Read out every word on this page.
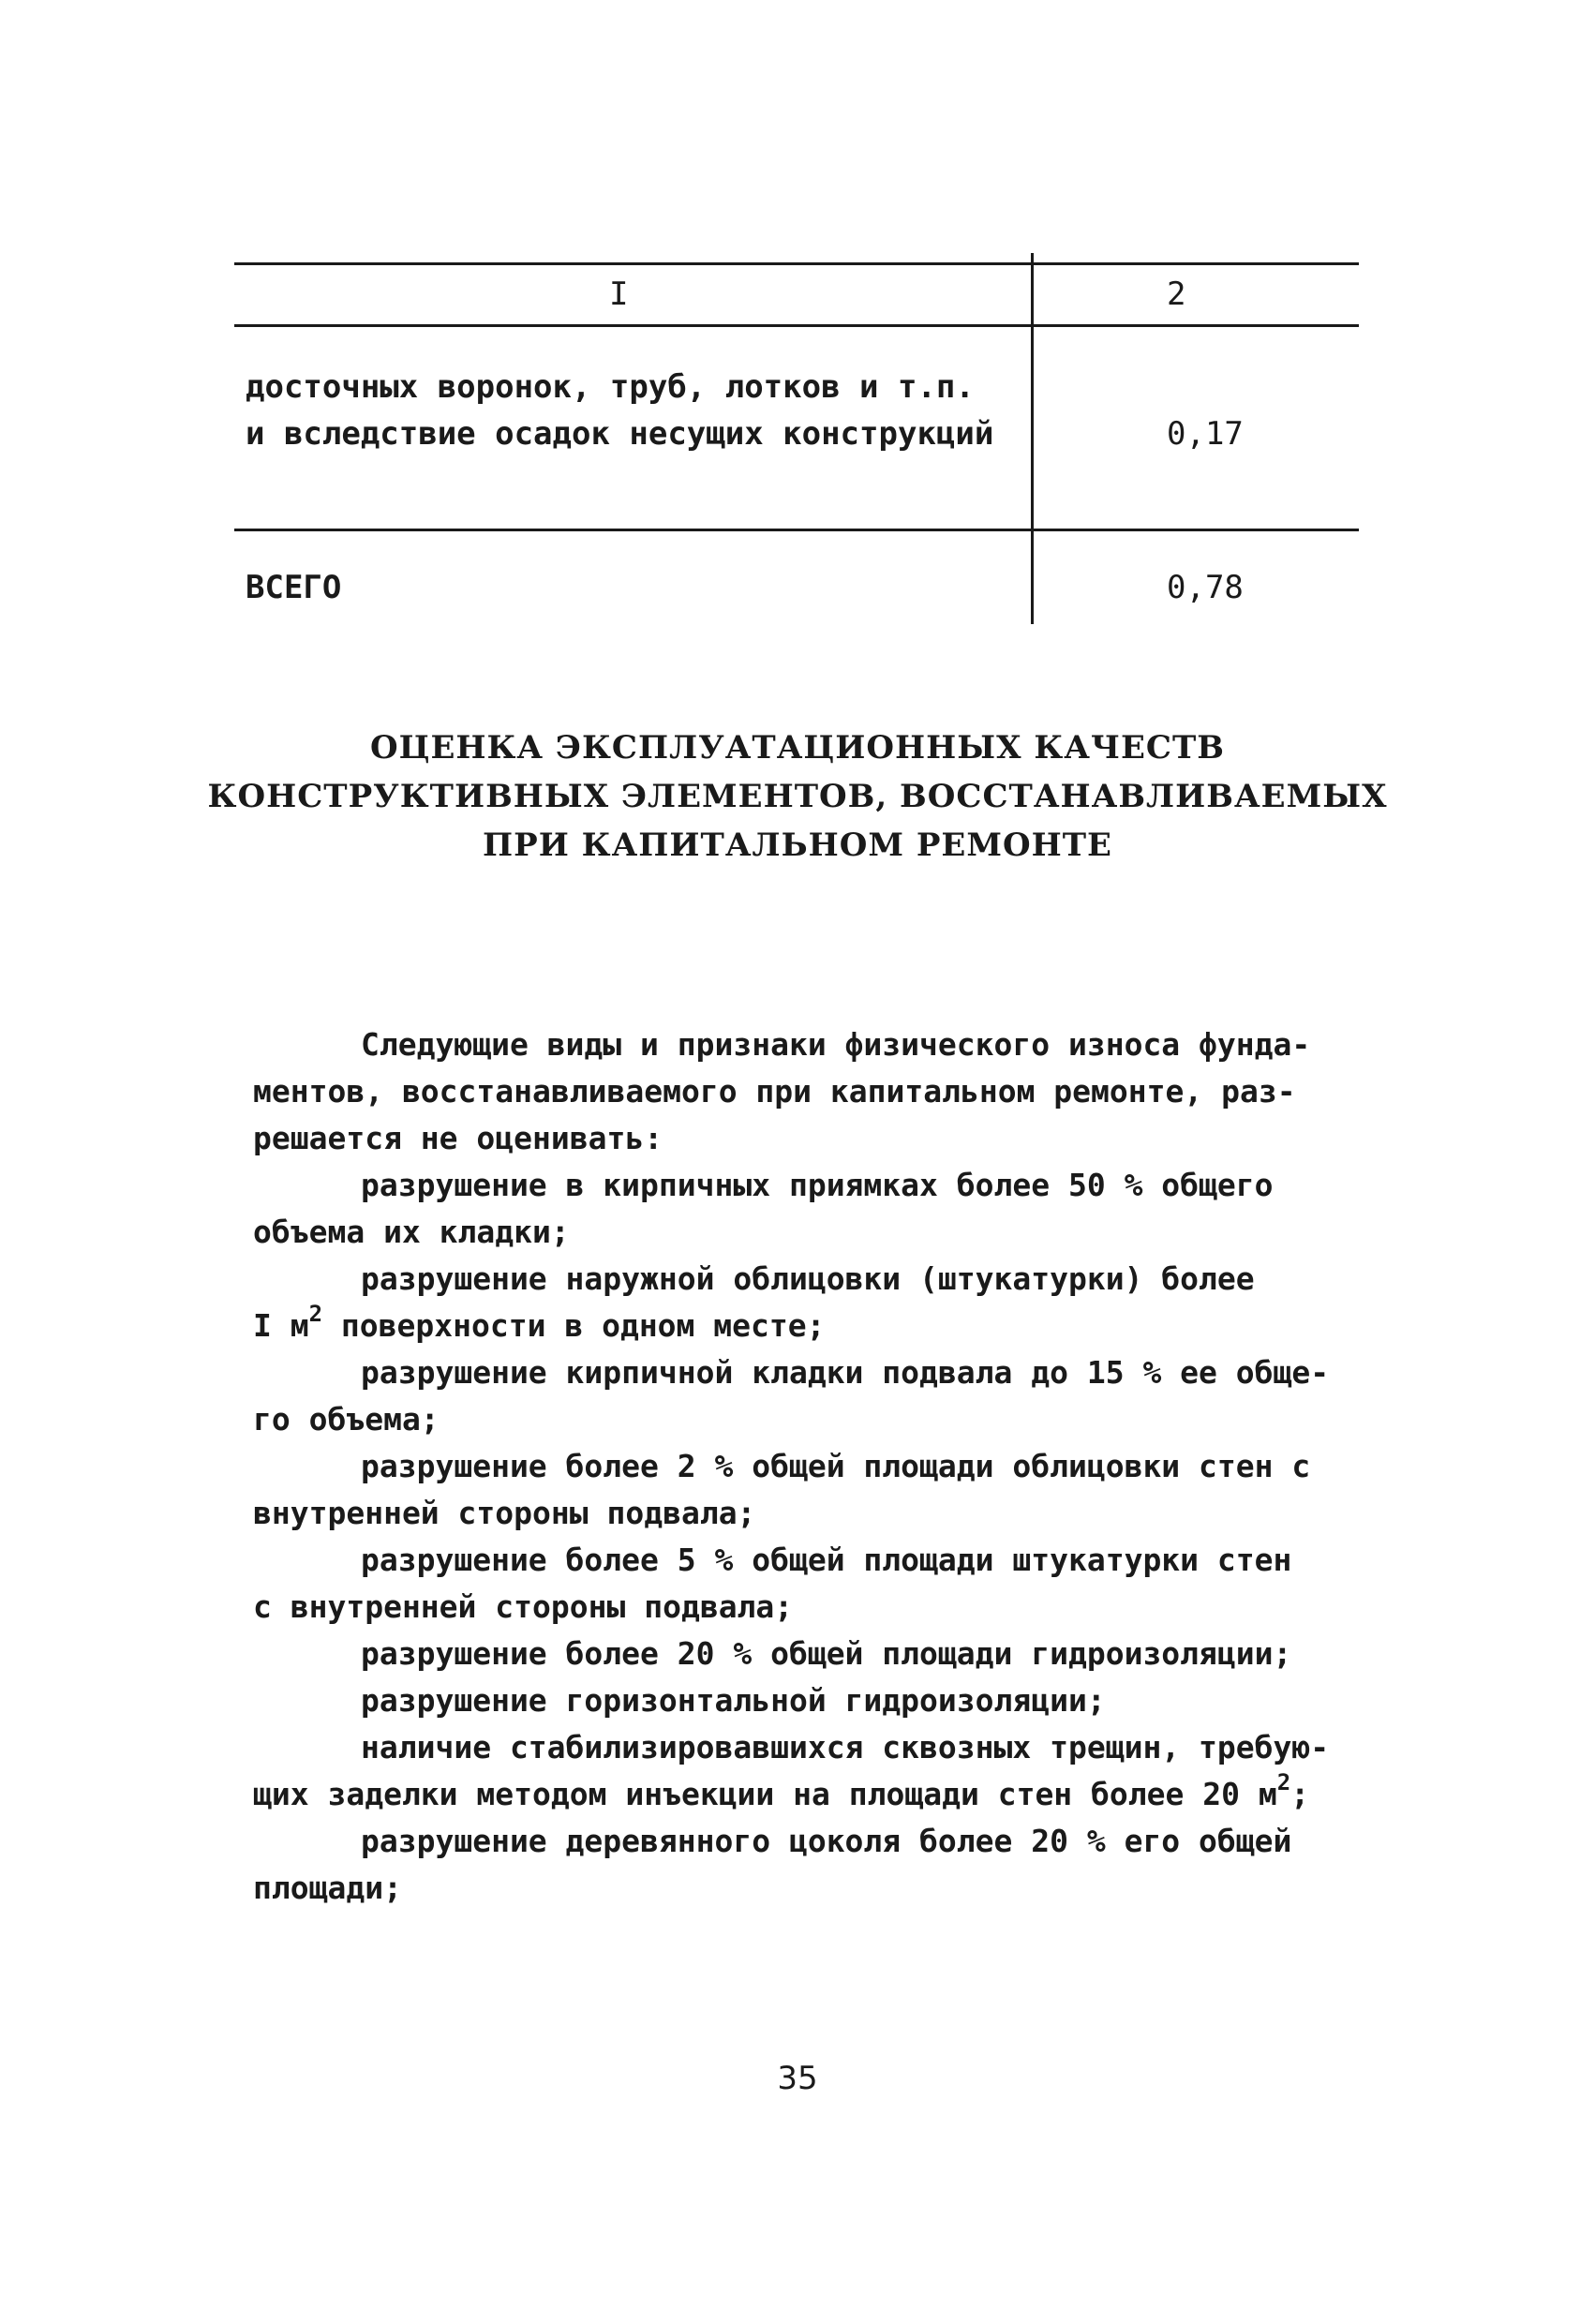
I	2
досточных воронок, труб, лотков и т.п.
и вследствие осадок несущих конструкций	0,17
ВСЕГО	0,78
ОЦЕНКА ЭКСПЛУАТАЦИОННЫХ КАЧЕСТВ
КОНСТРУКТИВНЫХ ЭЛЕМЕНТОВ, ВОССТАНАВЛИВАЕМЫХ
ПРИ КАПИТАЛЬНОМ РЕМОНТЕ
Следующие виды и признаки физического износа фунда-
ментов, восстанавливаемого при капитальном ремонте, раз-
решается не оценивать:
разрушение в кирпичных приямках более 50 % общего
объема их кладки;
разрушение наружной облицовки (штукатурки) более
I $м^2$ поверхности в одном месте;
разрушение кирпичной кладки подвала до 15 % ее обще-
го объема;
разрушение более 2 % общей площади облицовки стен с
внутренней стороны подвала;
разрушение более 5 % общей площади штукатурки стен
с внутренней стороны подвала;
разрушение более 20 % общей площади гидроизоляции;
разрушение горизонтальной гидроизоляции;
наличие стабилизировавшихся сквозных трещин, требую-
щих заделки методом инъекции на площади стен более 20 $м^2$;
разрушение деревянного цоколя более 20 % его общей
площади;
35
